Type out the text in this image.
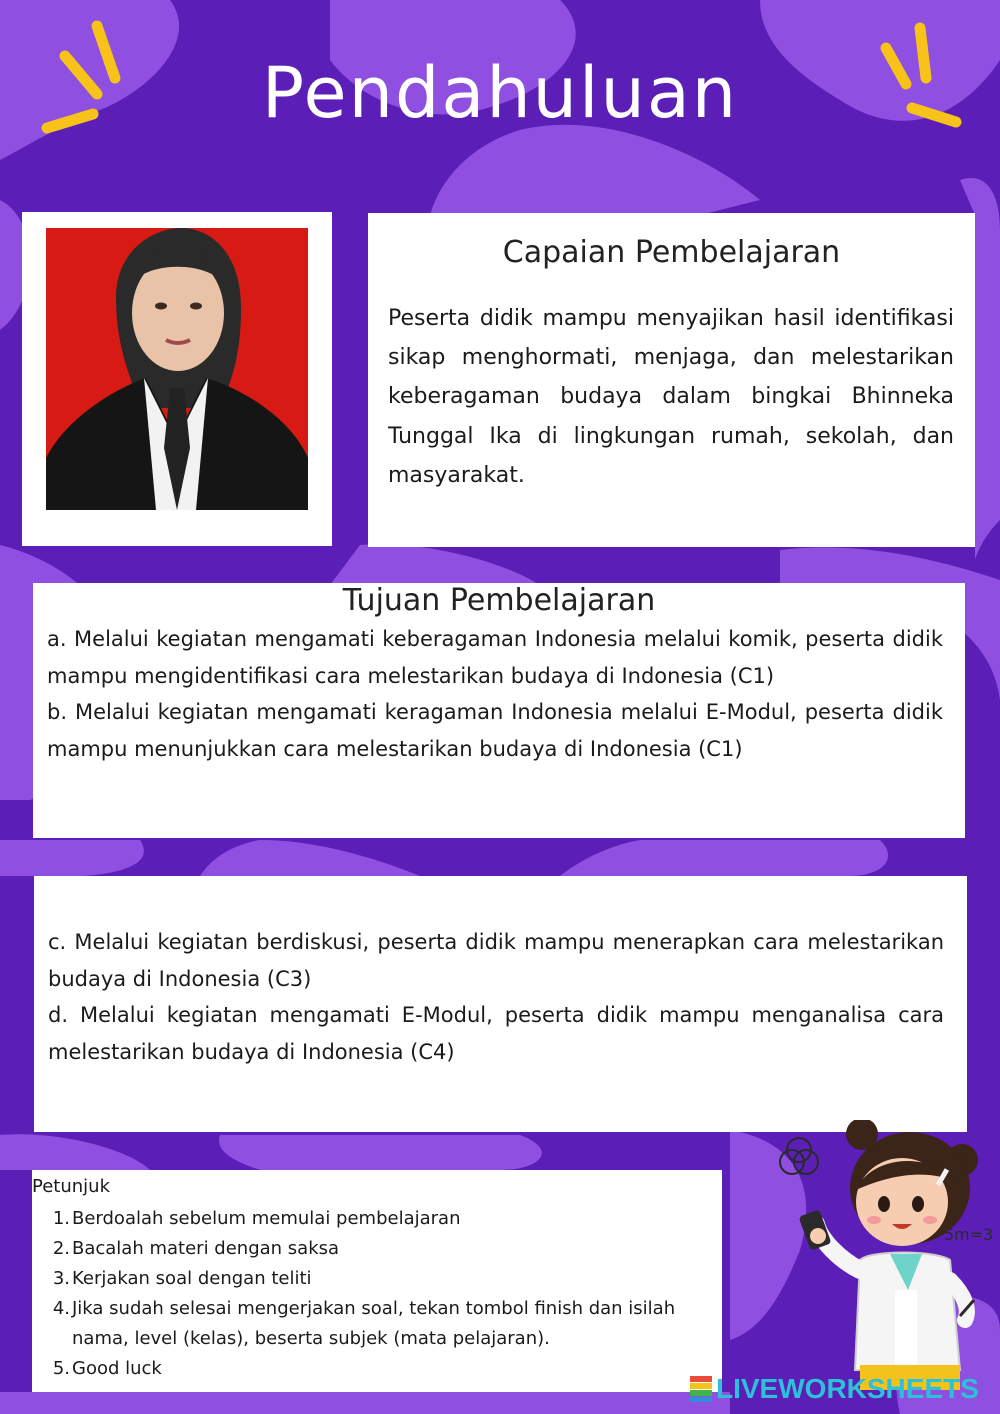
Pendahuluan
Capaian Pembelajaran
Peserta didik mampu menyajikan hasil identifikasi sikap menghormati, menjaga, dan melestarikan keberagaman budaya dalam bingkai Bhinneka Tunggal Ika di lingkungan rumah, sekolah, dan masyarakat.
Tujuan Pembelajaran

a. Melalui kegiatan mengamati keberagaman Indonesia melalui komik, peserta didik mampu mengidentifikasi cara melestarikan budaya di Indonesia (C1)

b. Melalui kegiatan mengamati keragaman Indonesia melalui E-Modul, peserta didik mampu menunjukkan cara melestarikan budaya di Indonesia (C1)

c. Melalui kegiatan berdiskusi, peserta didik mampu menerapkan cara melestarikan budaya di Indonesia (C3)

d. Melalui kegiatan mengamati E-Modul, peserta didik mampu menganalisa cara melestarikan budaya di Indonesia (C4)

Petunjuk
1. Berdoalah sebelum memulai pembelajaran
2. Bacalah materi dengan saksa
3. Kerjakan soal dengan teliti
4. Jika sudah selesai mengerjakan soal, tekan tombol finish dan isilah nama, level (kelas), beserta subjek (mata pelajaran).
5. Good luck
5m=3
LIVEWORKSHEETS
